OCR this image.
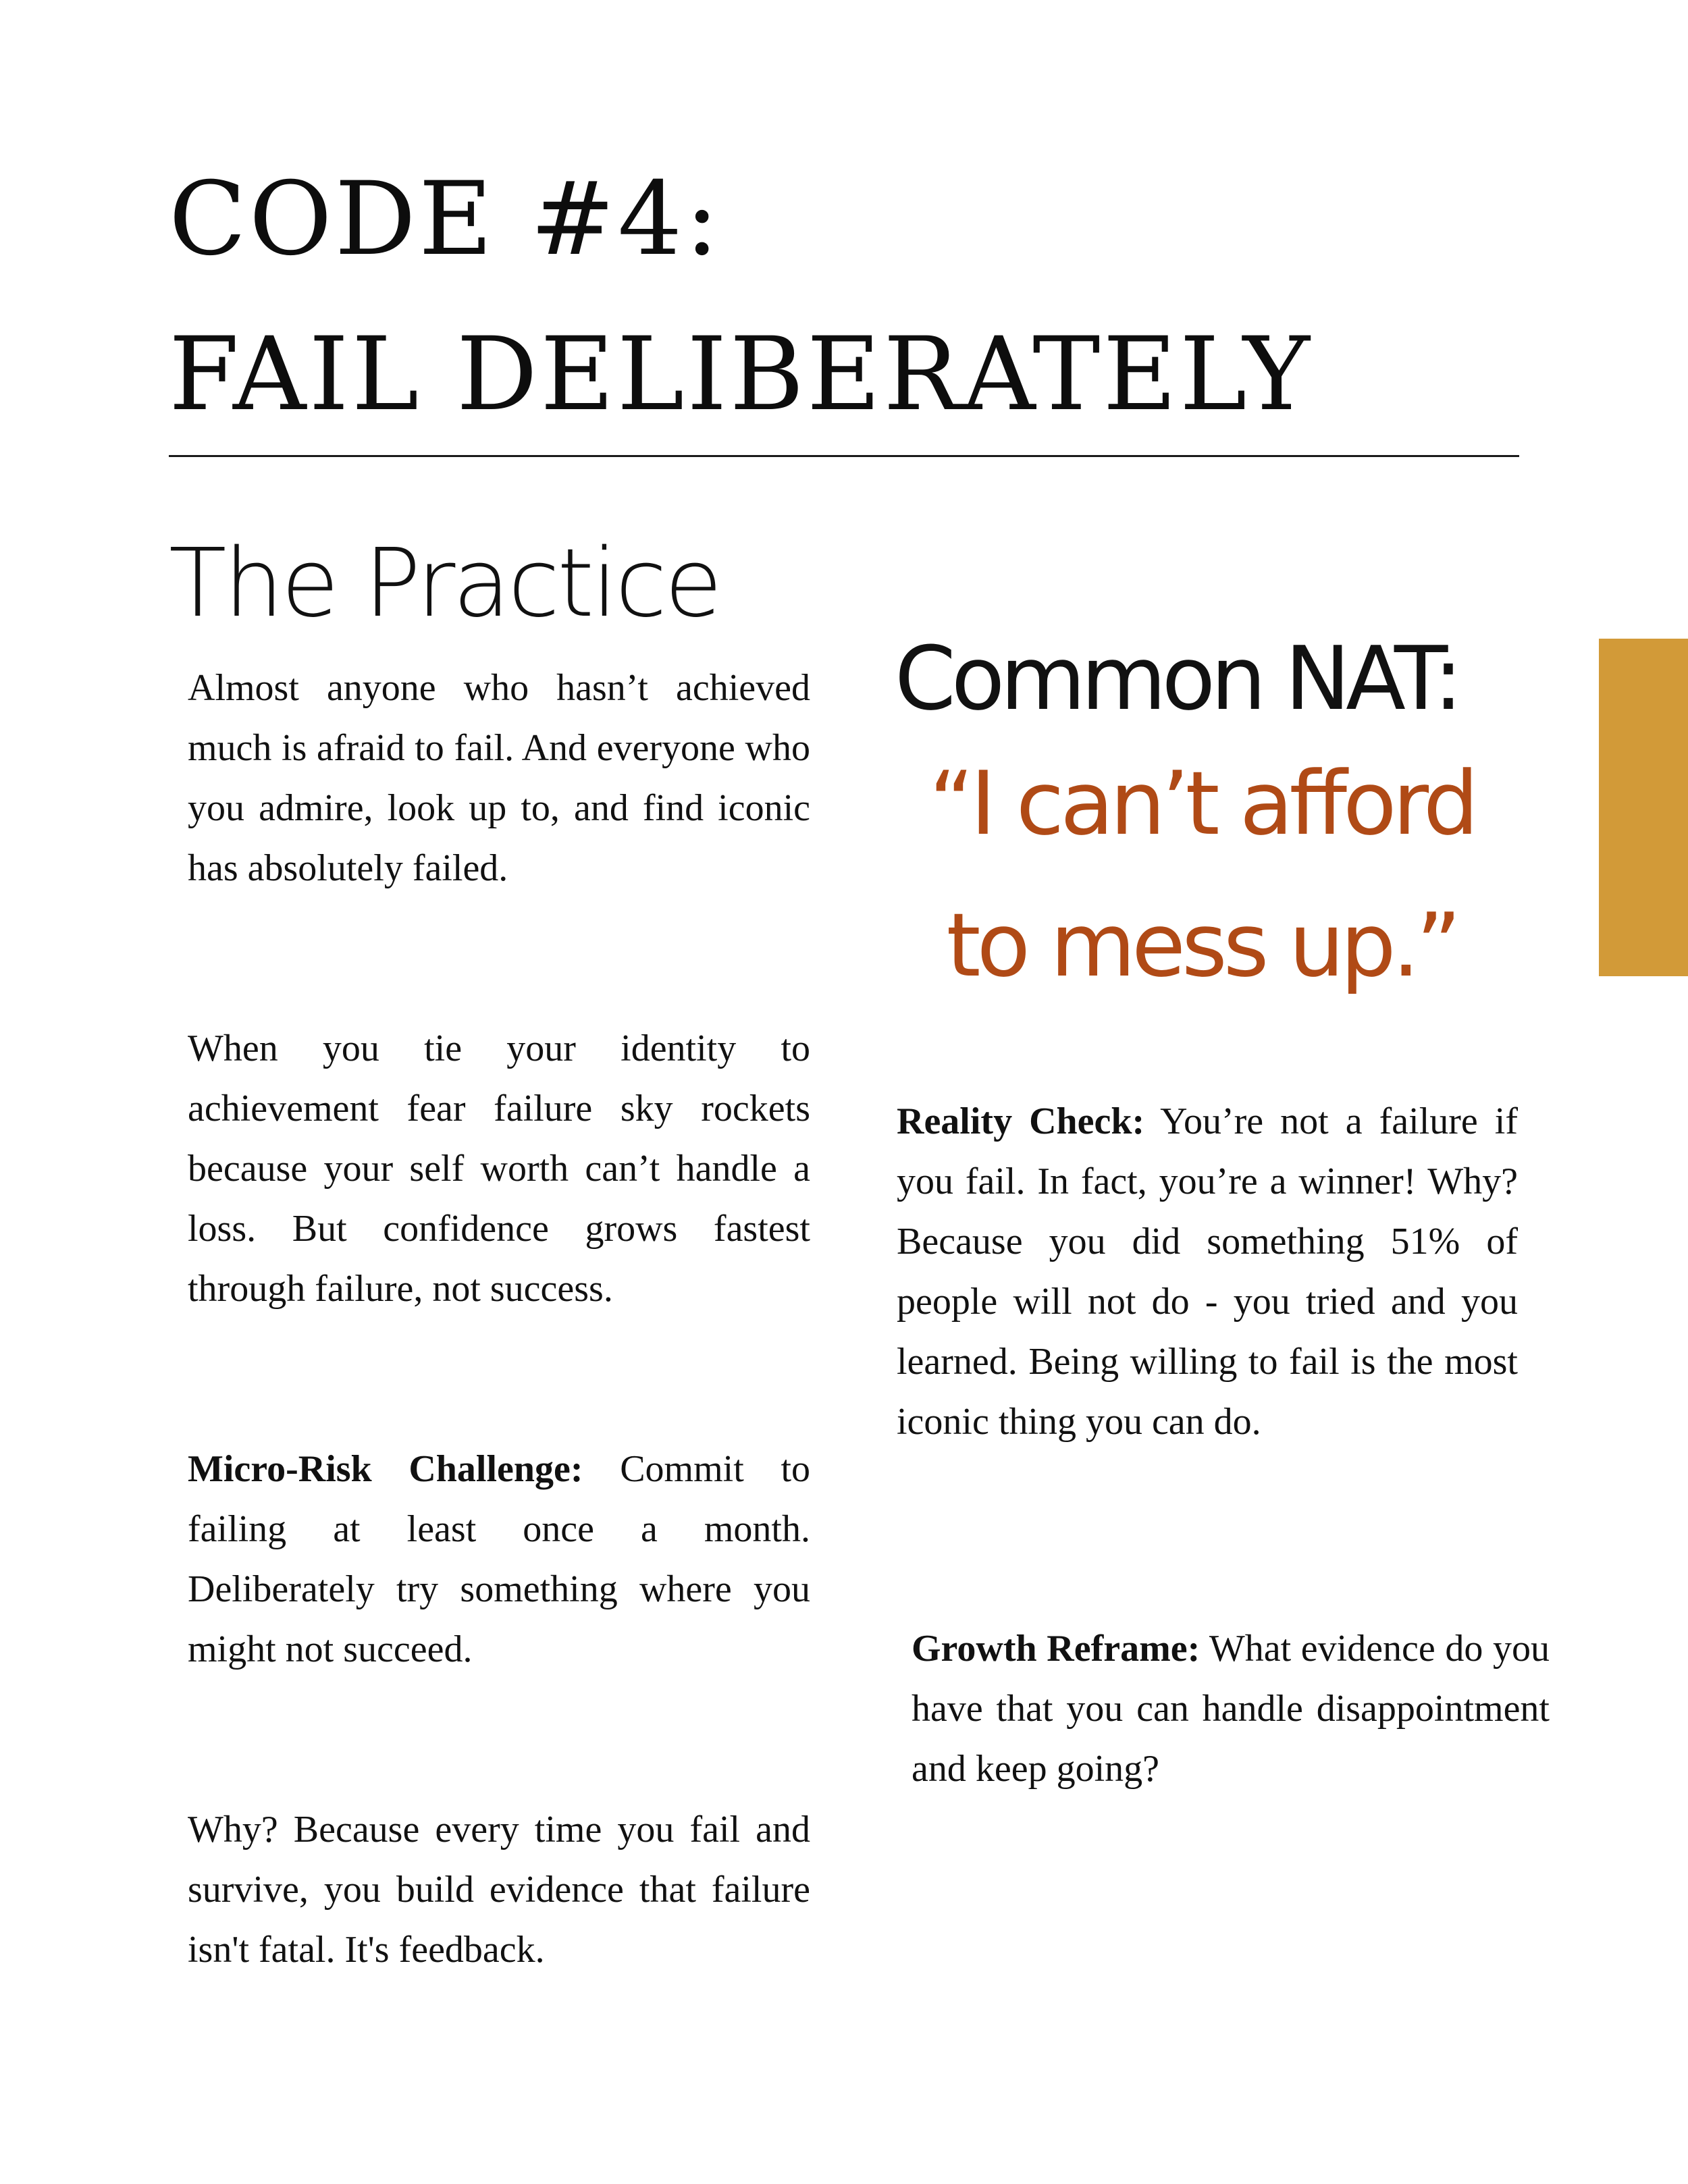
CODE #4:
FAIL DELIBERATELY
The Practice

Almost anyone who hasn’t achieved much is afraid to fail. And everyone who you admire, look up to, and find iconic has absolutely failed.

When you tie your identity to achievement fear failure sky rockets because your self worth can’t handle a loss. But confidence grows fastest through failure, not success.

Micro-Risk Challenge: Commit to failing at least once a month. Deliberately try something where you might not succeed.

Why? Because every time you fail and survive, you build evidence that failure isn't fatal. It's feedback.

Common NAT:
“I can’t afford
to mess up.”

Reality Check: You’re not a failure if you fail. In fact, you’re a winner! Why? Because you did something 51% of people will not do - you tried and you learned. Being willing to fail is the most iconic thing you can do.

Growth Reframe: What evidence do you have that you can handle disappointment and keep going?
